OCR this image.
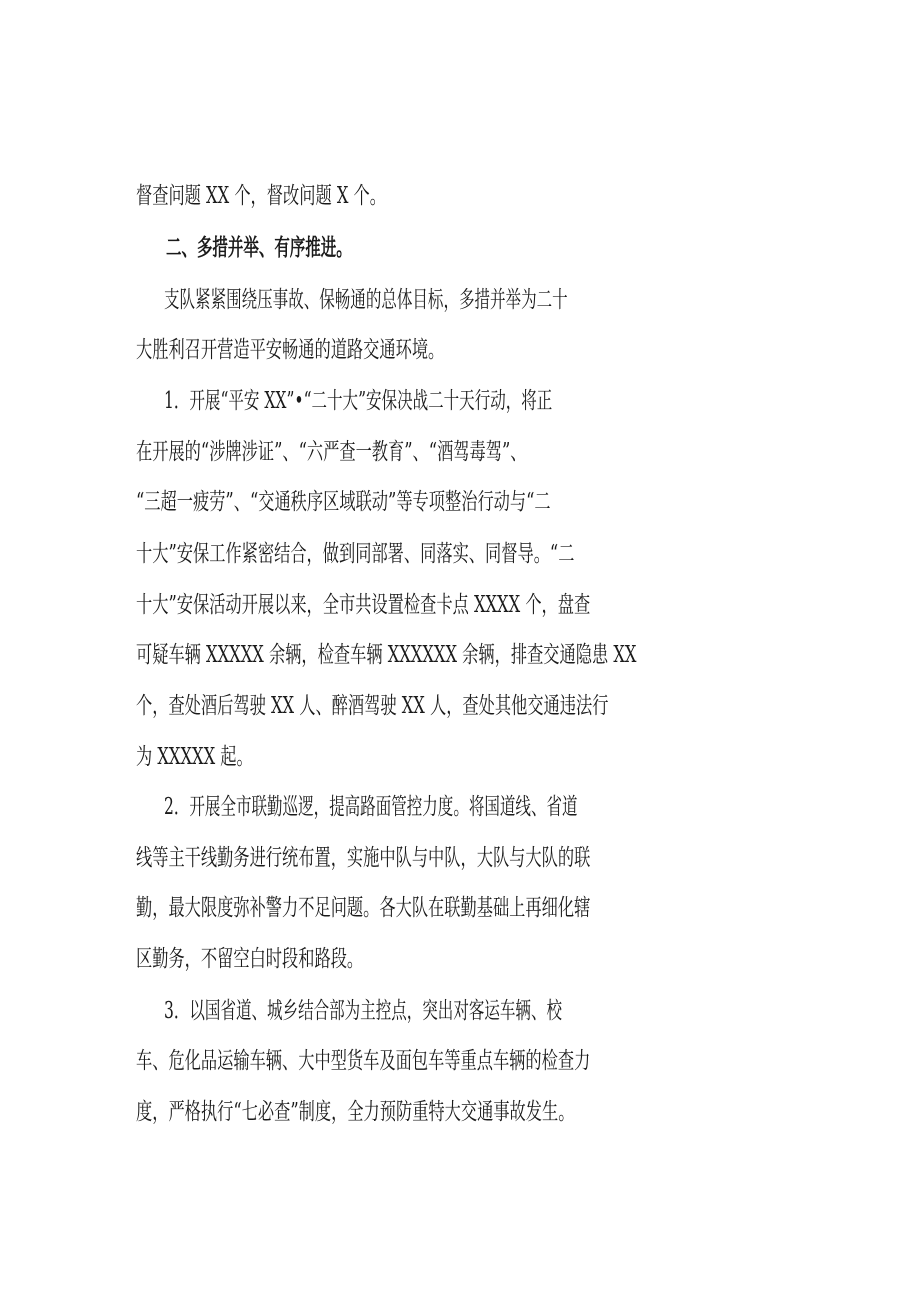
督查问题 XX 个，督改问题 X 个。
二、多措并举、有序推进。
支队紧紧围绕压事故、保畅通的总体目标，多措并举为二十
大胜利召开营造平安畅通的道路交通环境。
1．开展“平安 XX”•“二十大”安保决战二十天行动，将正
在开展的“涉牌涉证”、“六严查一教育”、“酒驾毒驾”、
“三超一疲劳”、“交通秩序区域联动”等专项整治行动与“二
十大”安保工作紧密结合，做到同部署、同落实、同督导。“二
十大”安保活动开展以来，全市共设置检查卡点 XXXX 个，盘查
可疑车辆 XXXXX 余辆，检查车辆 XXXXXX 余辆，排查交通隐患 XX
个，查处酒后驾驶 XX 人、醉酒驾驶 XX 人，查处其他交通违法行
为 XXXXX 起。
2．开展全市联勤巡逻，提高路面管控力度。将国道线、省道
线等主干线勤务进行统布置，实施中队与中队，大队与大队的联
勤，最大限度弥补警力不足问题。各大队在联勤基础上再细化辖
区勤务，不留空白时段和路段。
3．以国省道、城乡结合部为主控点，突出对客运车辆、校
车、危化品运输车辆、大中型货车及面包车等重点车辆的检查力
度，严格执行“七必查”制度，全力预防重特大交通事故发生。
